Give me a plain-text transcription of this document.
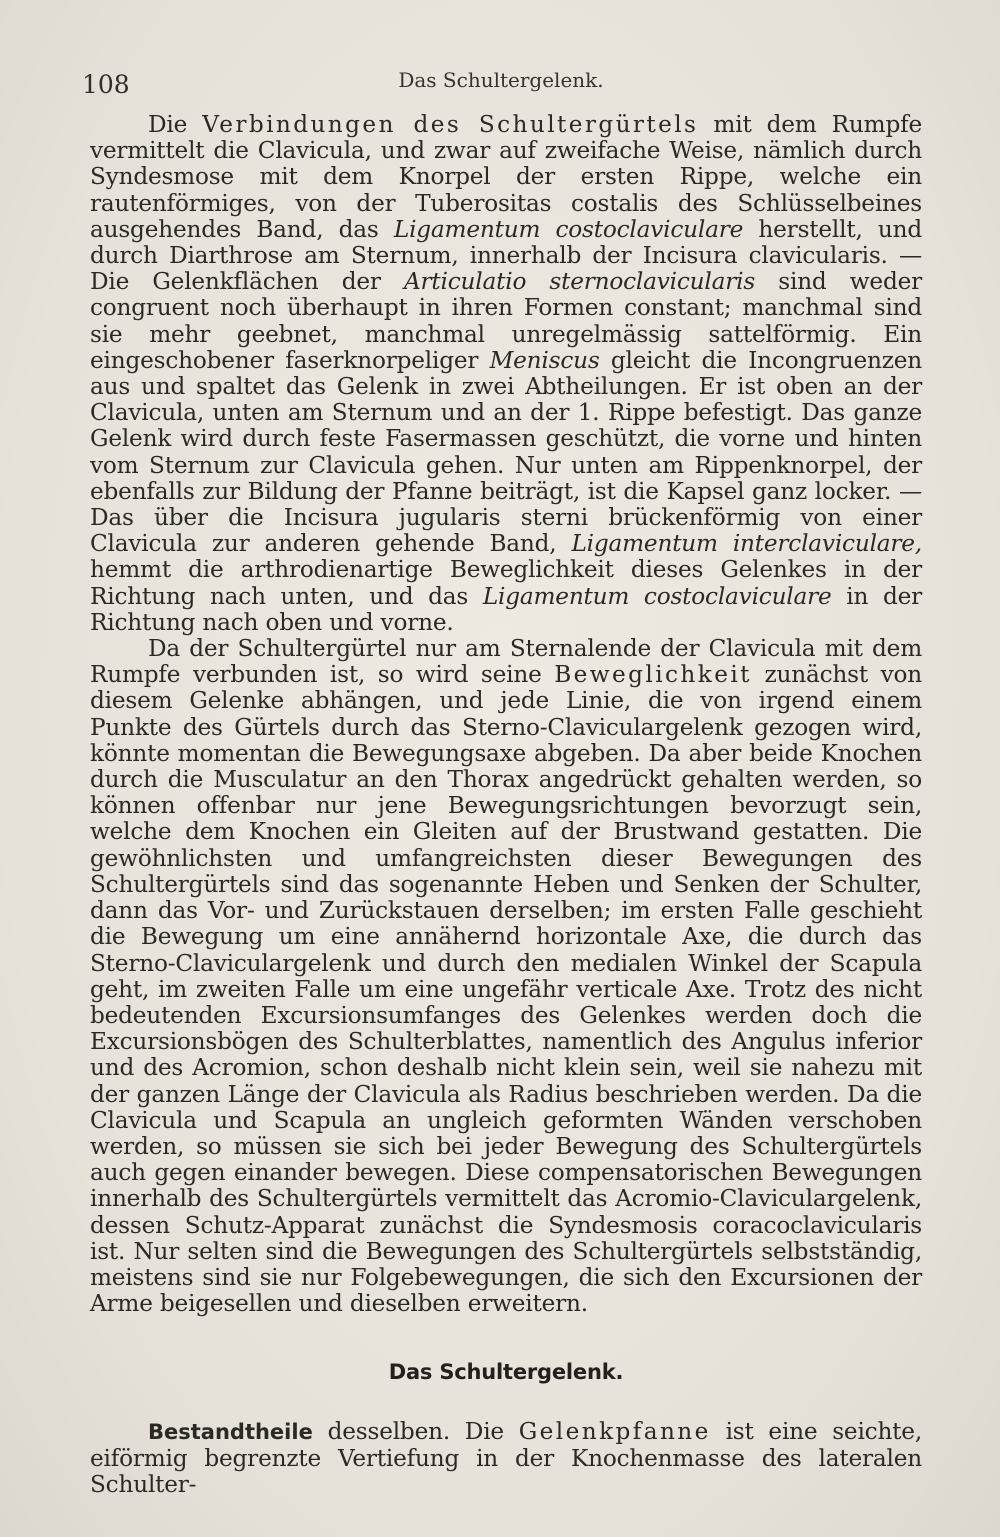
108	Das Schultergelenk.

Die Verbindungen des Schultergürtels mit dem Rumpfe vermittelt die Clavicula, und zwar auf zweifache Weise, nämlich durch Syndesmose mit dem Knorpel der ersten Rippe, welche ein rautenförmiges, von der Tuberositas costalis des Schlüsselbeines ausgehendes Band, das Ligamentum costoclaviculare herstellt, und durch Diarthrose am Sternum, innerhalb der Incisura clavicularis. — Die Gelenkflächen der Articulatio sternoclavicularis sind weder congruent noch überhaupt in ihren Formen constant; manchmal sind sie mehr geebnet, manchmal unregelmässig sattelförmig. Ein eingeschobener faserknorpeliger Meniscus gleicht die Incongruenzen aus und spaltet das Gelenk in zwei Abtheilungen. Er ist oben an der Clavicula, unten am Sternum und an der 1. Rippe befestigt. Das ganze Gelenk wird durch feste Fasermassen geschützt, die vorne und hinten vom Sternum zur Clavicula gehen. Nur unten am Rippenknorpel, der ebenfalls zur Bildung der Pfanne beiträgt, ist die Kapsel ganz locker. — Das über die Incisura jugularis sterni brückenförmig von einer Clavicula zur anderen gehende Band, Ligamentum interclaviculare, hemmt die arthrodienartige Beweglichkeit dieses Gelenkes in der Richtung nach unten, und das Ligamentum costoclaviculare in der Richtung nach oben und vorne.

Da der Schultergürtel nur am Sternalende der Clavicula mit dem Rumpfe verbunden ist, so wird seine Beweglichkeit zunächst von diesem Gelenke abhängen, und jede Linie, die von irgend einem Punkte des Gürtels durch das Sterno-Claviculargelenk gezogen wird, könnte momentan die Bewegungsaxe abgeben. Da aber beide Knochen durch die Musculatur an den Thorax angedrückt gehalten werden, so können offenbar nur jene Bewegungsrichtungen bevorzugt sein, welche dem Knochen ein Gleiten auf der Brustwand gestatten. Die gewöhnlichsten und umfangreichsten dieser Bewegungen des Schultergürtels sind das sogenannte Heben und Senken der Schulter, dann das Vor- und Zurückstauen derselben; im ersten Falle geschieht die Bewegung um eine annähernd horizontale Axe, die durch das Sterno-Claviculargelenk und durch den medialen Winkel der Scapula geht, im zweiten Falle um eine ungefähr verticale Axe. Trotz des nicht bedeutenden Excursionsumfanges des Gelenkes werden doch die Excursionsbögen des Schulterblattes, namentlich des Angulus inferior und des Acromion, schon deshalb nicht klein sein, weil sie nahezu mit der ganzen Länge der Clavicula als Radius beschrieben werden. Da die Clavicula und Scapula an ungleich geformten Wänden verschoben werden, so müssen sie sich bei jeder Bewegung des Schultergürtels auch gegen einander bewegen. Diese compensatorischen Bewegungen innerhalb des Schultergürtels vermittelt das Acromio-Claviculargelenk, dessen Schutz-Apparat zunächst die Syndesmosis coracoclavicularis ist. Nur selten sind die Bewegungen des Schultergürtels selbstständig, meistens sind sie nur Folgebewegungen, die sich den Excursionen der Arme beigesellen und dieselben erweitern.

Das Schultergelenk.

Bestandtheile desselben. Die Gelenkpfanne ist eine seichte, eiförmig begrenzte Vertiefung in der Knochenmasse des lateralen Schulter-
